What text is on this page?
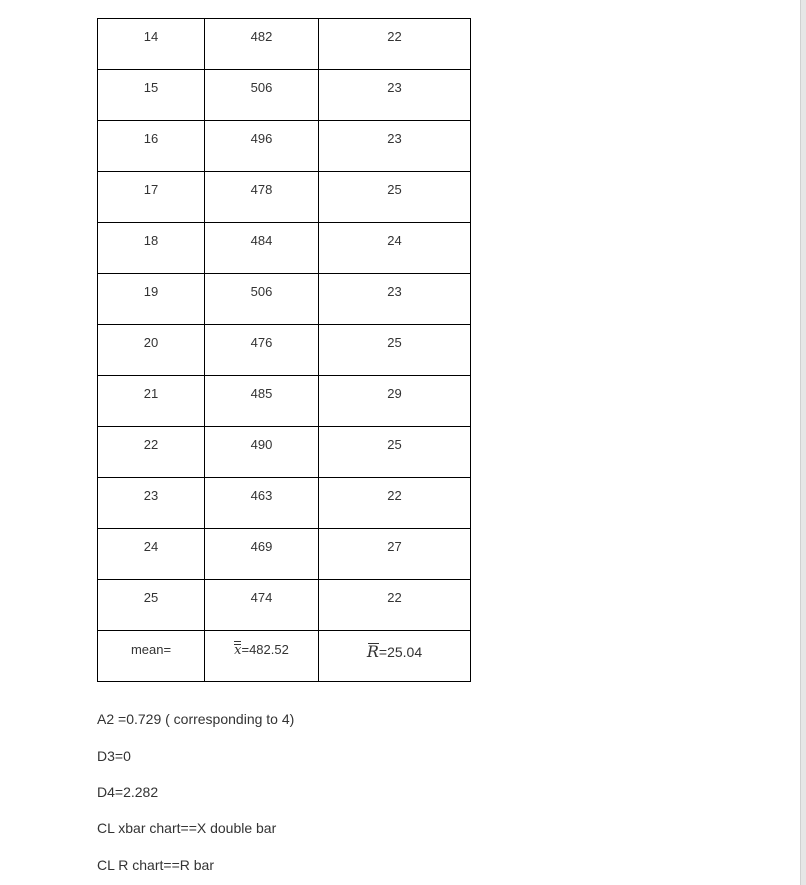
14	482	22

15	506	23

16	496	23

17	478	25

18	484	24

19	506	23

20	476	25

21	485	29

22	490	25

23	463	22

24	469	27

25	474	22

mean=	x=482.52	R=25.04

A2 =0.729 ( corresponding to 4)

D3=0

D4=2.282

CL xbar chart==X double bar

CL R chart==R bar
